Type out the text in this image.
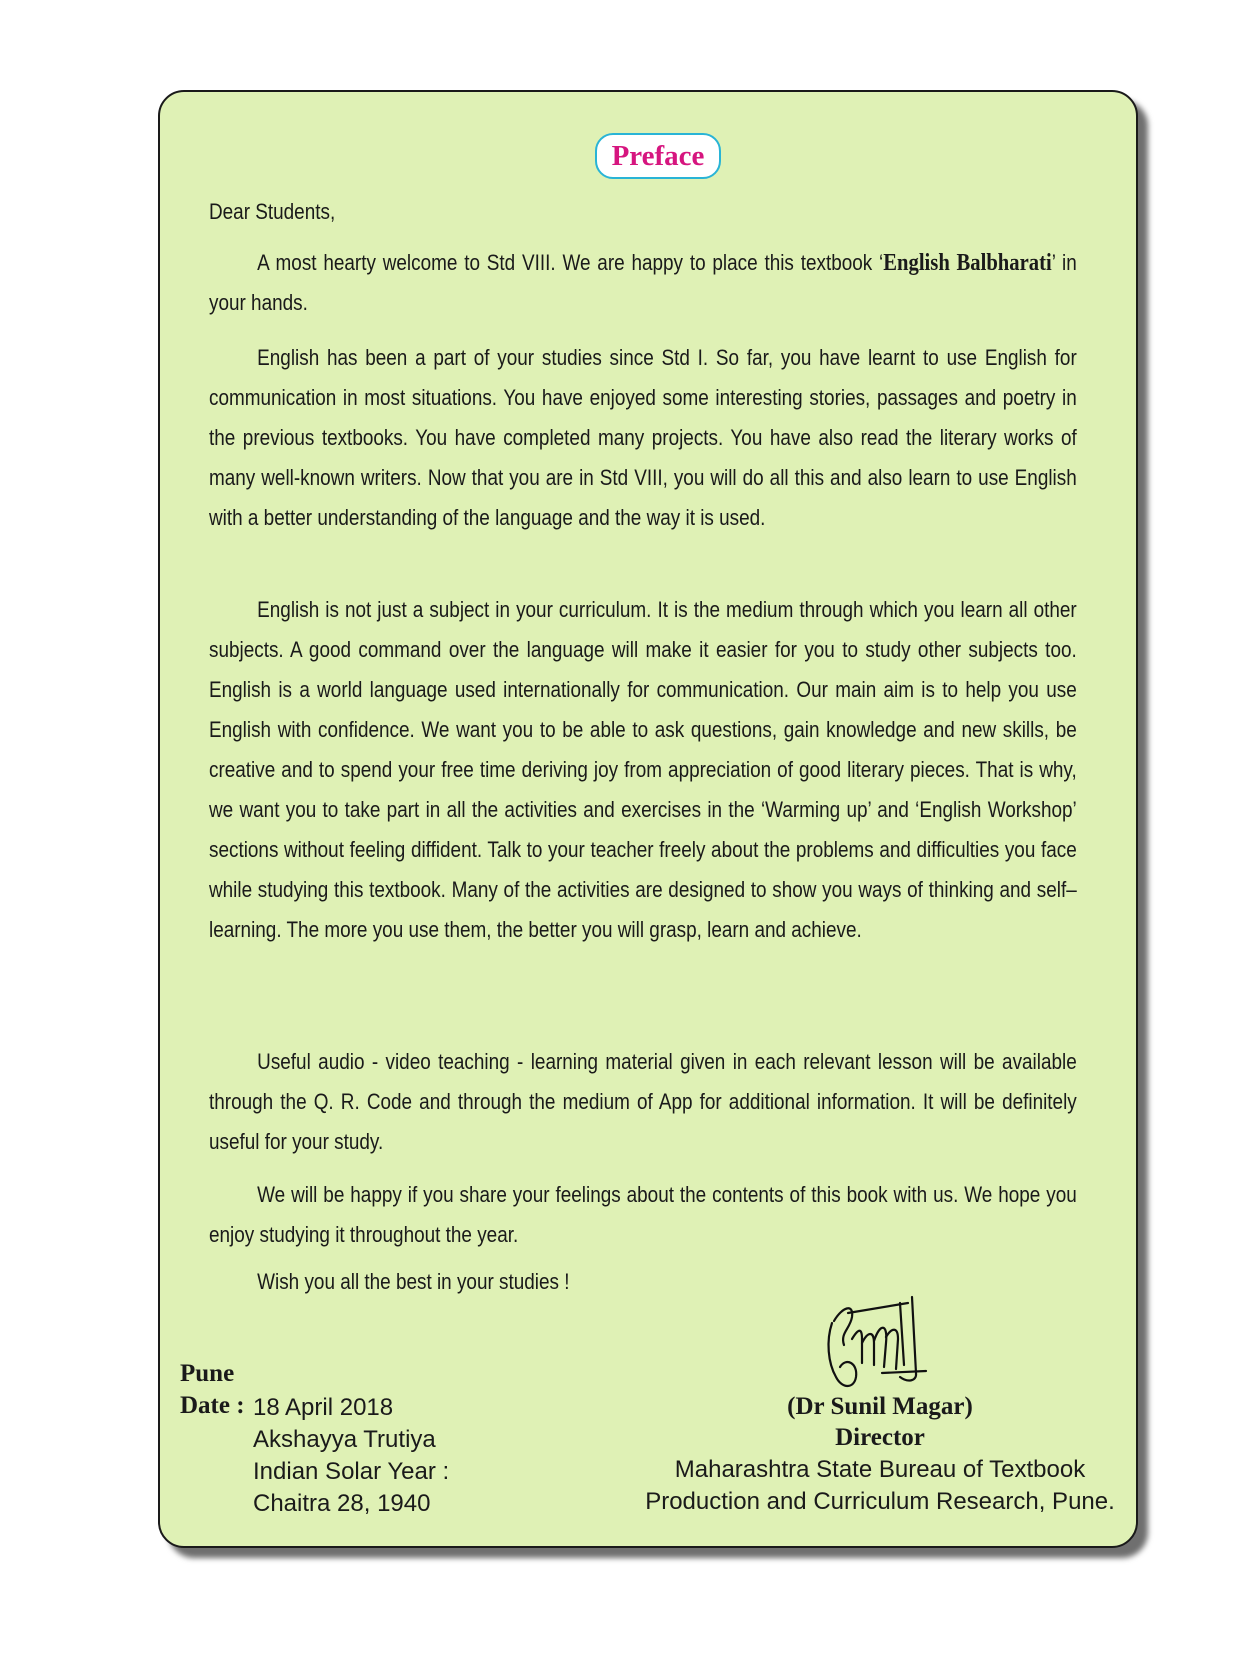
Preface
Dear Students,
A most hearty welcome to Std VIII. We are happy to place this textbook ‘English Balbharati’ in your hands.
English has been a part of your studies since Std I. So far, you have learnt to use English for communication in most situations. You have enjoyed some interesting stories, passages and poetry in the previous textbooks. You have completed many projects. You have also read the literary works of many well-known writers. Now that you are in Std VIII, you will do all this and also learn to use English with a better understanding of the language and the way it is used.
English is not just a subject in your curriculum. It is the medium through which you learn all other subjects. A good command over the language will make it easier for you to study other subjects too. English is a world language used internationally for communication. Our main aim is to help you use English with confidence. We want you to be able to ask questions, gain knowledge and new skills, be creative and to spend your free time deriving joy from appreciation of good literary pieces. That is why, we want you to take part in all the activities and exercises in the ‘Warming up’ and ‘English Workshop’ sections without feeling diffident. Talk to your teacher freely about the problems and difficulties you face while studying this textbook. Many of the activities are designed to show you ways of thinking and self–learning. The more you use them, the better you will grasp, learn and achieve.
Useful audio - video teaching - learning material given in each relevant lesson will be available through the Q. R. Code and through the medium of App for additional information. It will be definitely useful for your study.
We will be happy if you share your feelings about the contents of this book with us. We hope you enjoy studying it throughout the year.
Wish you all the best in your studies !
(Dr Sunil Magar)
Director
Maharashtra State Bureau of Textbook
Production and Curriculum Research, Pune.
Pune
Date : 18 April 2018
Akshayya Trutiya
Indian Solar Year :
Chaitra 28, 1940
